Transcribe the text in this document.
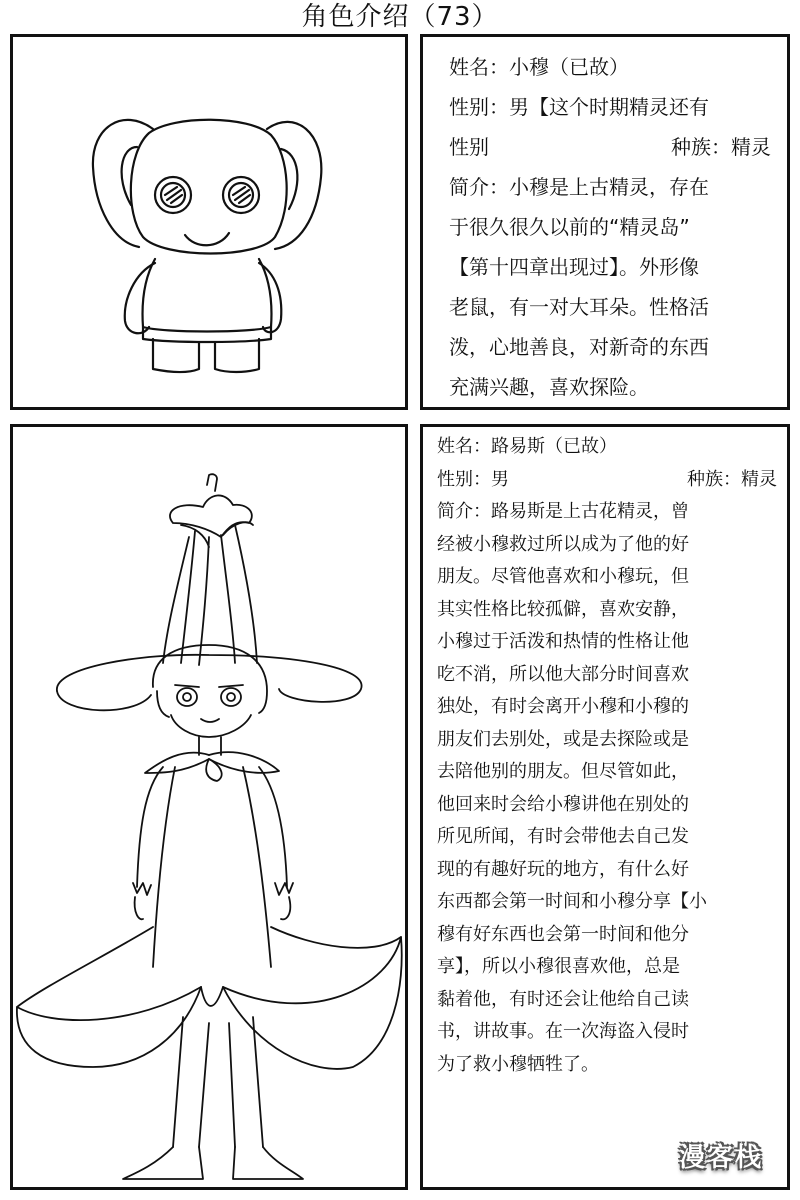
角色介绍（73）
姓名：小穆（已故）
性别：男【这个时期精灵还有
性别	种族：精灵
简介：小穆是上古精灵，存在
于很久很久以前的“精灵岛”
【第十四章出现过】。外形像
老鼠，有一对大耳朵。性格活
泼，心地善良，对新奇的东西
充满兴趣，喜欢探险。
姓名：路易斯（已故）
性别：男	种族：精灵
简介：路易斯是上古花精灵，曾
经被小穆救过所以成为了他的好
朋友。尽管他喜欢和小穆玩，但
其实性格比较孤僻，喜欢安静，
小穆过于活泼和热情的性格让他
吃不消，所以他大部分时间喜欢
独处，有时会离开小穆和小穆的
朋友们去别处，或是去探险或是
去陪他别的朋友。但尽管如此，
他回来时会给小穆讲他在别处的
所见所闻，有时会带他去自己发
现的有趣好玩的地方，有什么好
东西都会第一时间和小穆分享【小
穆有好东西也会第一时间和他分
享】，所以小穆很喜欢他，总是
黏着他，有时还会让他给自己读
书，讲故事。在一次海盗入侵时
为了救小穆牺牲了。
漫客栈
